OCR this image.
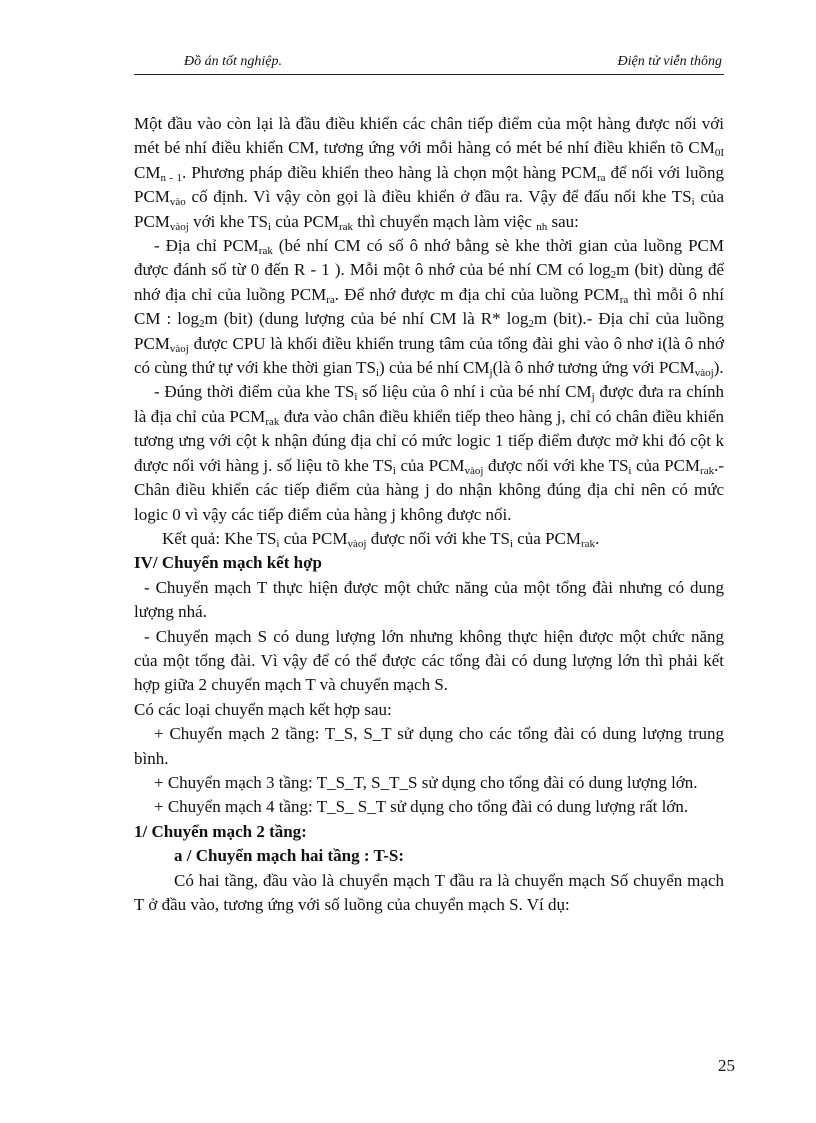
Đồ án tốt nghiệp.	Điện tử viễn thông

Một đầu vào còn lại là đầu điều khiển các chân tiếp điểm của một hàng được nối với mét bé nhí điều khiển CM, tương ứng với mỗi hàng có mét bé nhí điều khiển tõ $CM_{0I}$ $CM_{n - 1}$. Phương pháp điều khiển theo hàng là chọn một hàng $PCM_{ra}$ để nối với luồng $PCM_{vào}$ cố định. Vì vậy còn gọi là điều khiển ở đầu ra. Vậy để đấu nối khe $TS_i$ của $PCM_{vàoj}$ với khe $TS_i$ của $PCM_{rak}$ thì chuyển mạch làm việc $_{nh}$ sau:

- Địa chỉ $PCM_{rak}$ (bé nhí CM có số ô nhớ bằng sè khe thời gian của luồng PCM được đánh số từ 0 đến R - 1 ). Mỗi một ô nhớ của bé nhí CM có $\log_2m$ (bit) dùng để nhớ địa chỉ của luồng $PCM_{ra}$. Để nhớ được m địa chỉ của luồng $PCM_{ra}$ thì mỗi ô nhí CM : $\log_2m$ (bit) (dung lượng của bé nhí CM là R* $\log_2m$ (bit).- Địa chỉ của luồng $PCM_{vàoj}$ được CPU là khối điều khiển trung tâm của tổng đài ghi vào ô nhơ i(là ô nhớ có cùng thứ tự với khe thời gian $TS_i$) của bé nhí $CM_j(là$ ô nhớ tương ứng với $PCM_{vàoj}$).

- Đúng thời điểm của khe $TS_i$ số liệu của ô nhí i của bé nhí $CM_j$ được đưa ra chính là địa chỉ của $PCM_{rak}$ đưa vào chân điều khiển tiếp theo hàng j, chỉ có chân điều khiển tương ưng với cột k nhận đúng địa chỉ có mức logic 1 tiếp điểm được mở khi đó cột k được nối với hàng j. số liệu tõ khe $TS_i$ của $PCM_{vàoj}$ được nối với khe $TS_i$ của $PCM_{rak}.-$ Chân điều khiển các tiếp điểm của hàng j do nhận không đúng địa chỉ nên có mức logic 0 vì vậy các tiếp điểm của hàng j không được nối.

Kết quả: Khe $TS_i$ của $PCM_{vàoj}$ được nối với khe $TS_i$ của $PCM_{rak}$.

IV/ Chuyển mạch kết hợp

- Chuyển mạch T thực hiện được một chức năng của một tổng đài nhưng có dung lượng nhá.

- Chuyển mạch S có dung lượng lớn nhưng không thực hiện được một chức năng của một tổng đài. Vì vậy để có thể được các tổng đài có dung lượng lớn thì phải kết hợp giữa 2 chuyển mạch T và chuyển mạch S.

Có các loại chuyển mạch kết hợp sau:

+ Chuyển mạch 2 tầng: T_S, S_T sử dụng cho các tổng đài có dung lượng trung bình.

+ Chuyển mạch 3 tầng: T_S_T, S_T_S sử dụng cho tổng đài có dung lượng lớn.

+ Chuyển mạch 4 tầng: T_S_ S_T sử dụng cho tổng đài có dung lượng rất lớn.

1/ Chuyển mạch 2 tầng:

a / Chuyển mạch hai tầng : T-S:

Có hai tầng, đầu vào là chuyển mạch T đầu ra là chuyển mạch Số chuyển mạch T ở đầu vào, tương ứng với số luồng của chuyển mạch S. Ví dụ:

25
